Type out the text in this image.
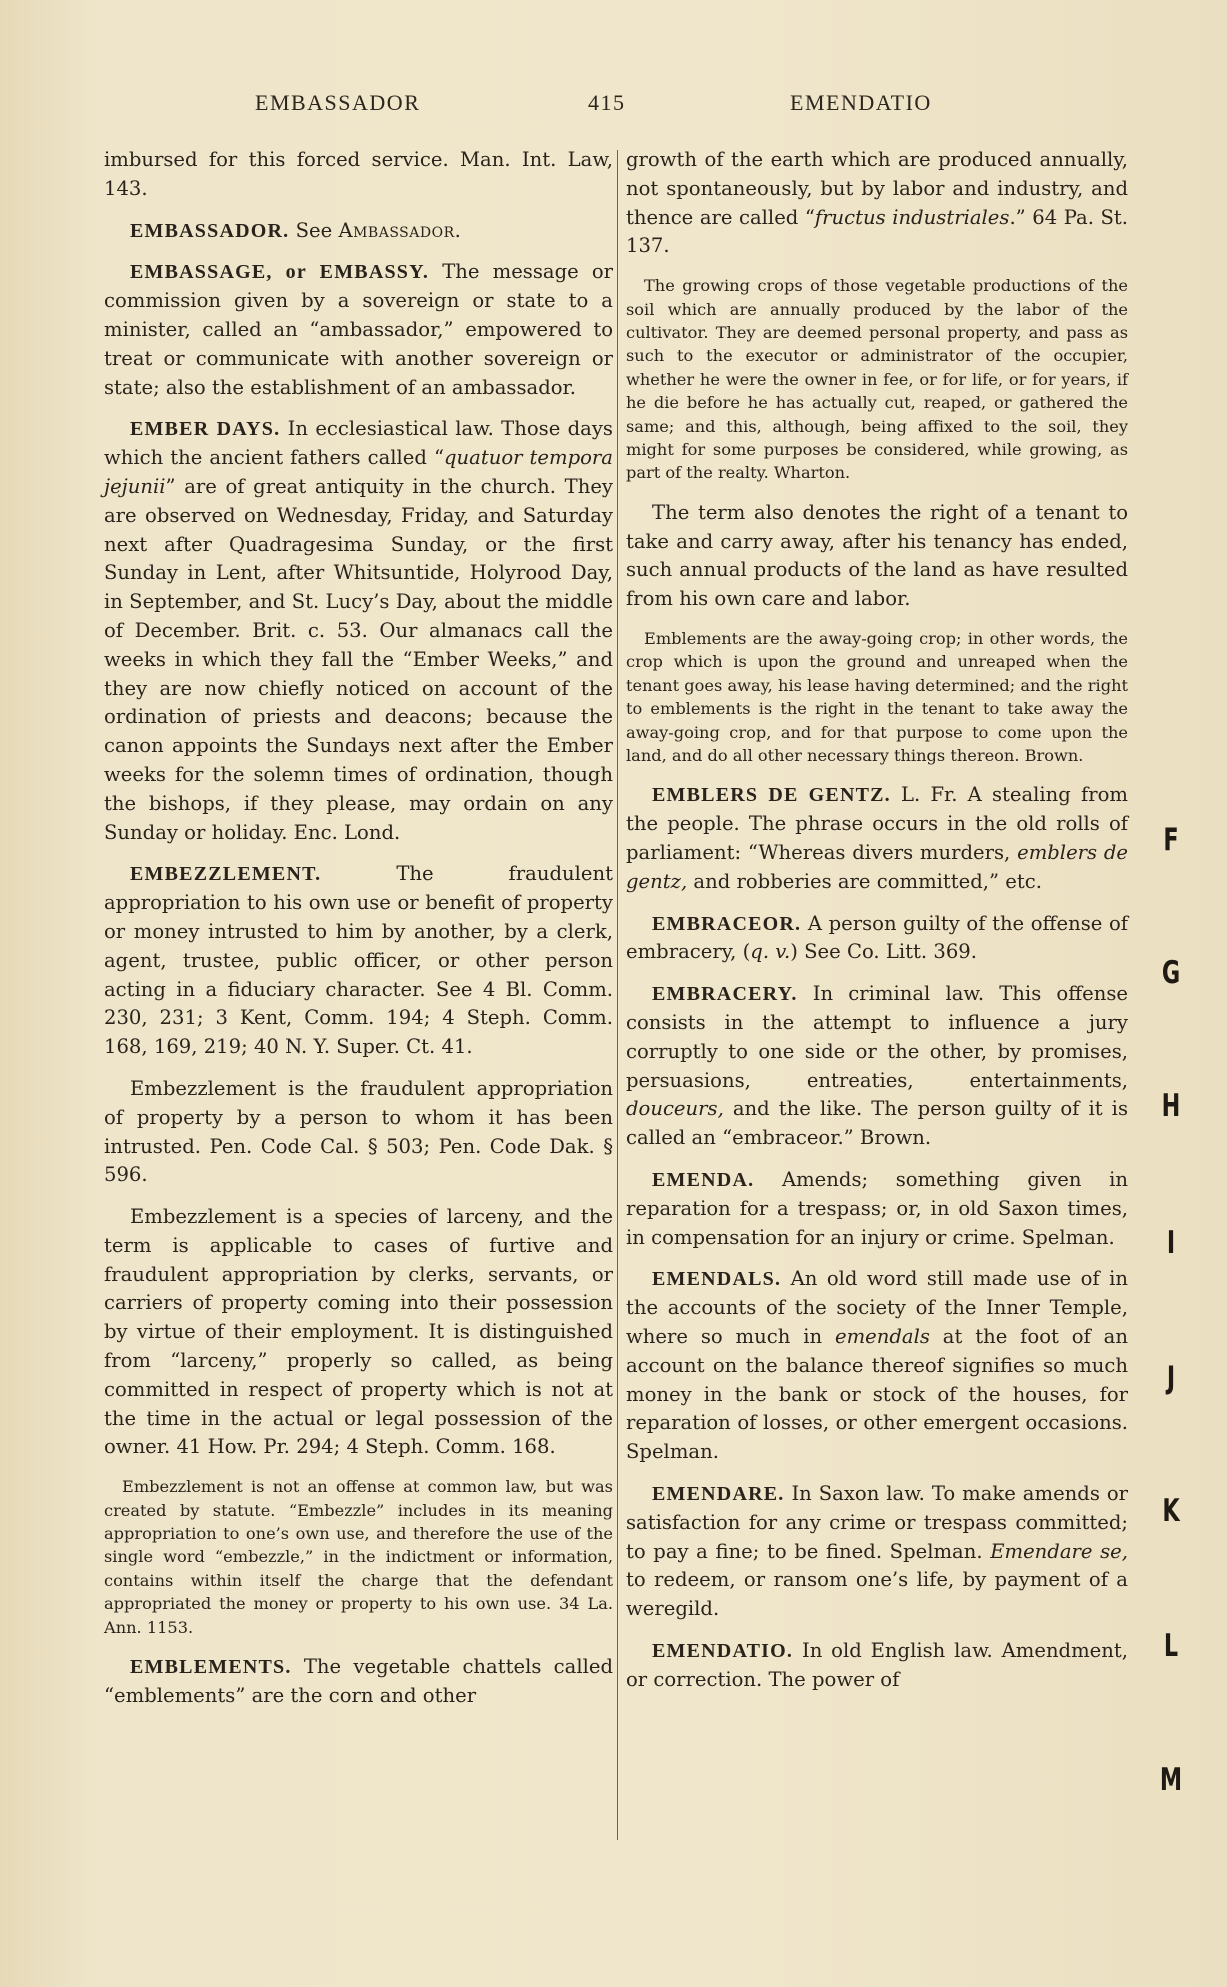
EMBASSADOR	415	EMENDATIO

imbursed for this forced service. Man. Int. Law, 143.

EMBASSADOR. See Ambassador.

EMBASSAGE, or EMBASSY. The message or commission given by a sovereign or state to a minister, called an “ambassador,” empowered to treat or communicate with another sovereign or state; also the establishment of an ambassador.

EMBER DAYS. In ecclesiastical law. Those days which the ancient fathers called “quatuor tempora jejunii” are of great antiquity in the church. They are observed on Wednesday, Friday, and Saturday next after Quadragesima Sunday, or the first Sunday in Lent, after Whitsuntide, Holyrood Day, in September, and St. Lucy’s Day, about the middle of December. Brit. c. 53. Our almanacs call the weeks in which they fall the “Ember Weeks,” and they are now chiefly noticed on account of the ordination of priests and deacons; because the canon appoints the Sundays next after the Ember weeks for the solemn times of ordination, though the bishops, if they please, may ordain on any Sunday or holiday. Enc. Lond.

EMBEZZLEMENT.	The fraudulent appropriation to his own use or benefit of property or money intrusted to him by another, by a clerk, agent, trustee, public officer, or other person acting in a fiduciary character. See 4 Bl. Comm. 230, 231; 3 Kent, Comm. 194; 4 Steph. Comm. 168, 169, 219; 40 N. Y. Super. Ct. 41.

Embezzlement is the fraudulent appropriation of property by a person to whom it has been intrusted. Pen. Code Cal. § 503; Pen. Code Dak. § 596.

Embezzlement is a species of larceny, and the term is applicable to cases of furtive and fraudulent appropriation by clerks, servants, or carriers of property coming into their possession by virtue of their employment. It is distinguished from “larceny,” properly so called, as being committed in respect of property which is not at the time in the actual or legal possession of the owner. 41 How. Pr. 294; 4 Steph. Comm. 168.

Embezzlement is not an offense at common law, but was created by statute. “Embezzle” includes in its meaning appropriation to one’s own use, and therefore the use of the single word “embezzle,” in the indictment or information, contains within itself the charge that the defendant appropriated the money or property to his own use. 34 La. Ann. 1153.

EMBLEMENTS. The vegetable chattels called “emblements” are the corn and other

growth of the earth which are produced annually, not spontaneously, but by labor and industry, and thence are called “fructus industriales.” 64 Pa. St. 137.

The growing crops of those vegetable productions of the soil which are annually produced by the labor of the cultivator. They are deemed personal property, and pass as such to the executor or administrator of the occupier, whether he were the owner in fee, or for life, or for years, if he die before he has actually cut, reaped, or gathered the same; and this, although, being affixed to the soil, they might for some purposes be considered, while growing, as part of the realty. Wharton.

The term also denotes the right of a tenant to take and carry away, after his tenancy has ended, such annual products of the land as have resulted from his own care and labor.

Emblements are the away-going crop; in other words, the crop which is upon the ground and unreaped when the tenant goes away, his lease having determined; and the right to emblements is the right in the tenant to take away the away-going crop, and for that purpose to come upon the land, and do all other necessary things thereon. Brown.

EMBLERS DE GENTZ. L. Fr. A stealing from the people. The phrase occurs in the old rolls of parliament: “Whereas divers murders, emblers de gentz, and robberies are committed,” etc.

EMBRACEOR. A person guilty of the offense of embracery, (q. v.) See Co. Litt. 369.

EMBRACERY. In criminal law. This offense consists in the attempt to influence a jury corruptly to one side or the other, by promises, persuasions, entreaties, entertainments, douceurs, and the like. The person guilty of it is called an “embraceor.” Brown.

EMENDA. Amends; something given in reparation for a trespass; or, in old Saxon times, in compensation for an injury or crime. Spelman.

EMENDALS. An old word still made use of in the accounts of the society of the Inner Temple, where so much in emendals at the foot of an account on the balance thereof signifies so much money in the bank or stock of the houses, for reparation of losses, or other emergent occasions. Spelman.

EMENDARE. In Saxon law. To make amends or satisfaction for any crime or trespass committed; to pay a fine; to be fined. Spelman. Emendare se, to redeem, or ransom one’s life, by payment of a weregild.

EMENDATIO. In old English law. Amendment, or correction. The power of

F
G
H
I
J
K
L
M
